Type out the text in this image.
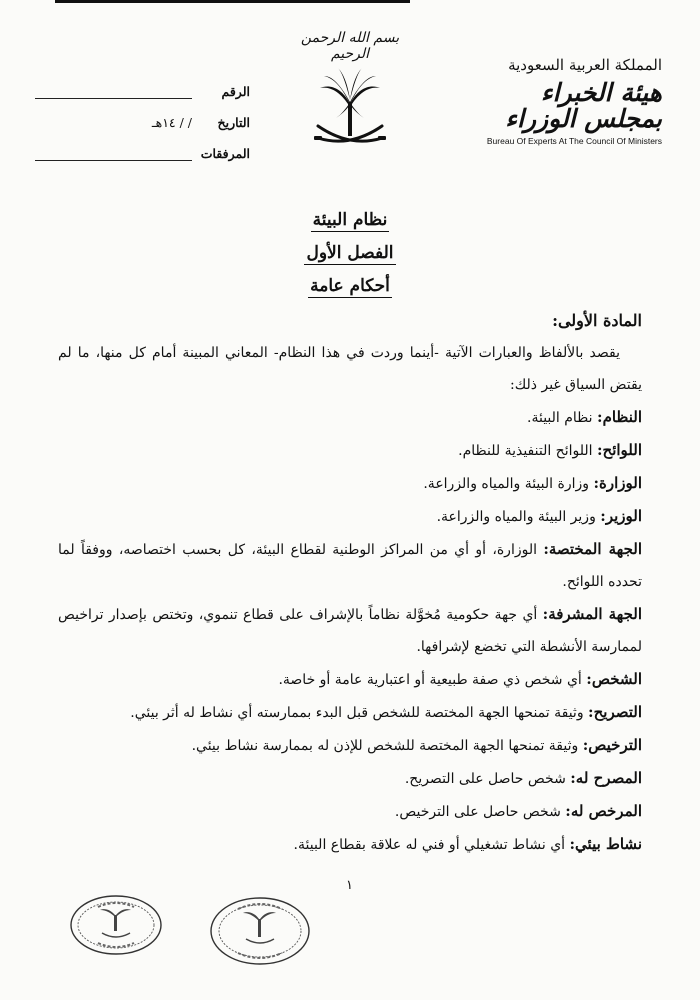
المملكة العربية السعودية
هيئة الخبراء بمجلس الوزراء
Bureau Of Experts At The Council Of Ministers
بسم الله الرحمن الرحيم
الرقم
التاريخ
/ / ١٤هـ
المرفقات
نظام البيئة
الفصل الأول
أحكام عامة
المادة الأولى:
يقصد بالألفاظ والعبارات الآتية -أينما وردت في هذا النظام- المعاني المبينة أمام كل منها، ما لم يقتض السياق غير ذلك:
النظام: نظام البيئة.
اللوائح: اللوائح التنفيذية للنظام.
الوزارة: وزارة البيئة والمياه والزراعة.
الوزير: وزير البيئة والمياه والزراعة.
الجهة المختصة: الوزارة، أو أي من المراكز الوطنية لقطاع البيئة، كل بحسب اختصاصه، ووفقاً لما تحدده اللوائح.
الجهة المشرفة: أي جهة حكومية مُخوَّلة نظاماً بالإشراف على قطاع تنموي، وتختص بإصدار تراخيص لممارسة الأنشطة التي تخضع لإشرافها.
الشخص: أي شخص ذي صفة طبيعية أو اعتبارية عامة أو خاصة.
التصريح: وثيقة تمنحها الجهة المختصة للشخص قبل البدء بممارسته أي نشاط له أثر بيئي.
الترخيص: وثيقة تمنحها الجهة المختصة للشخص للإذن له بممارسة نشاط بيئي.
المصرح له: شخص حاصل على التصريح.
المرخص له: شخص حاصل على الترخيص.
نشاط بيئي: أي نشاط تشغيلي أو فني له علاقة بقطاع البيئة.
١
